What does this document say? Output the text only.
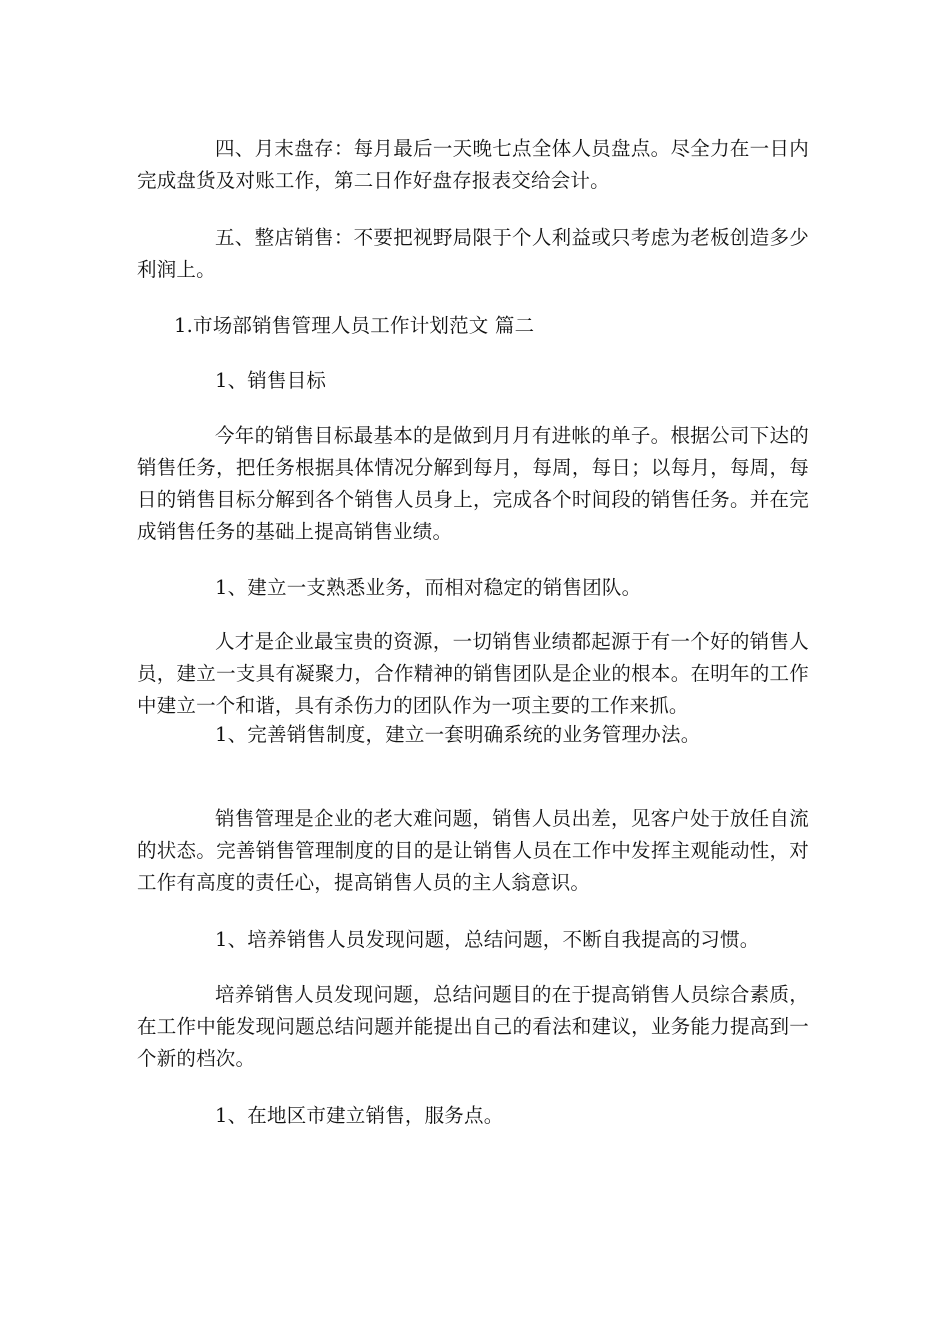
四、月末盘存：每月最后一天晚七点全体人员盘点。尽全力在一日内完成盘货及对账工作，第二日作好盘存报表交给会计。

五、整店销售：不要把视野局限于个人利益或只考虑为老板创造多少利润上。

1.市场部销售管理人员工作计划范文 篇二

1、销售目标

今年的销售目标最基本的是做到月月有进帐的单子。根据公司下达的销售任务，把任务根据具体情况分解到每月，每周，每日；以每月，每周，每日的销售目标分解到各个销售人员身上，完成各个时间段的销售任务。并在完成销售任务的基础上提高销售业绩。

1、建立一支熟悉业务，而相对稳定的销售团队。

人才是企业最宝贵的资源，一切销售业绩都起源于有一个好的销售人员，建立一支具有凝聚力，合作精神的销售团队是企业的根本。在明年的工作中建立一个和谐，具有杀伤力的团队作为一项主要的工作来抓。

1、完善销售制度，建立一套明确系统的业务管理办法。

销售管理是企业的老大难问题，销售人员出差，见客户处于放任自流的状态。完善销售管理制度的目的是让销售人员在工作中发挥主观能动性，对工作有高度的责任心，提高销售人员的主人翁意识。

1、培养销售人员发现问题，总结问题，不断自我提高的习惯。

培养销售人员发现问题，总结问题目的在于提高销售人员综合素质，在工作中能发现问题总结问题并能提出自己的看法和建议，业务能力提高到一个新的档次。

1、在地区市建立销售，服务点。
